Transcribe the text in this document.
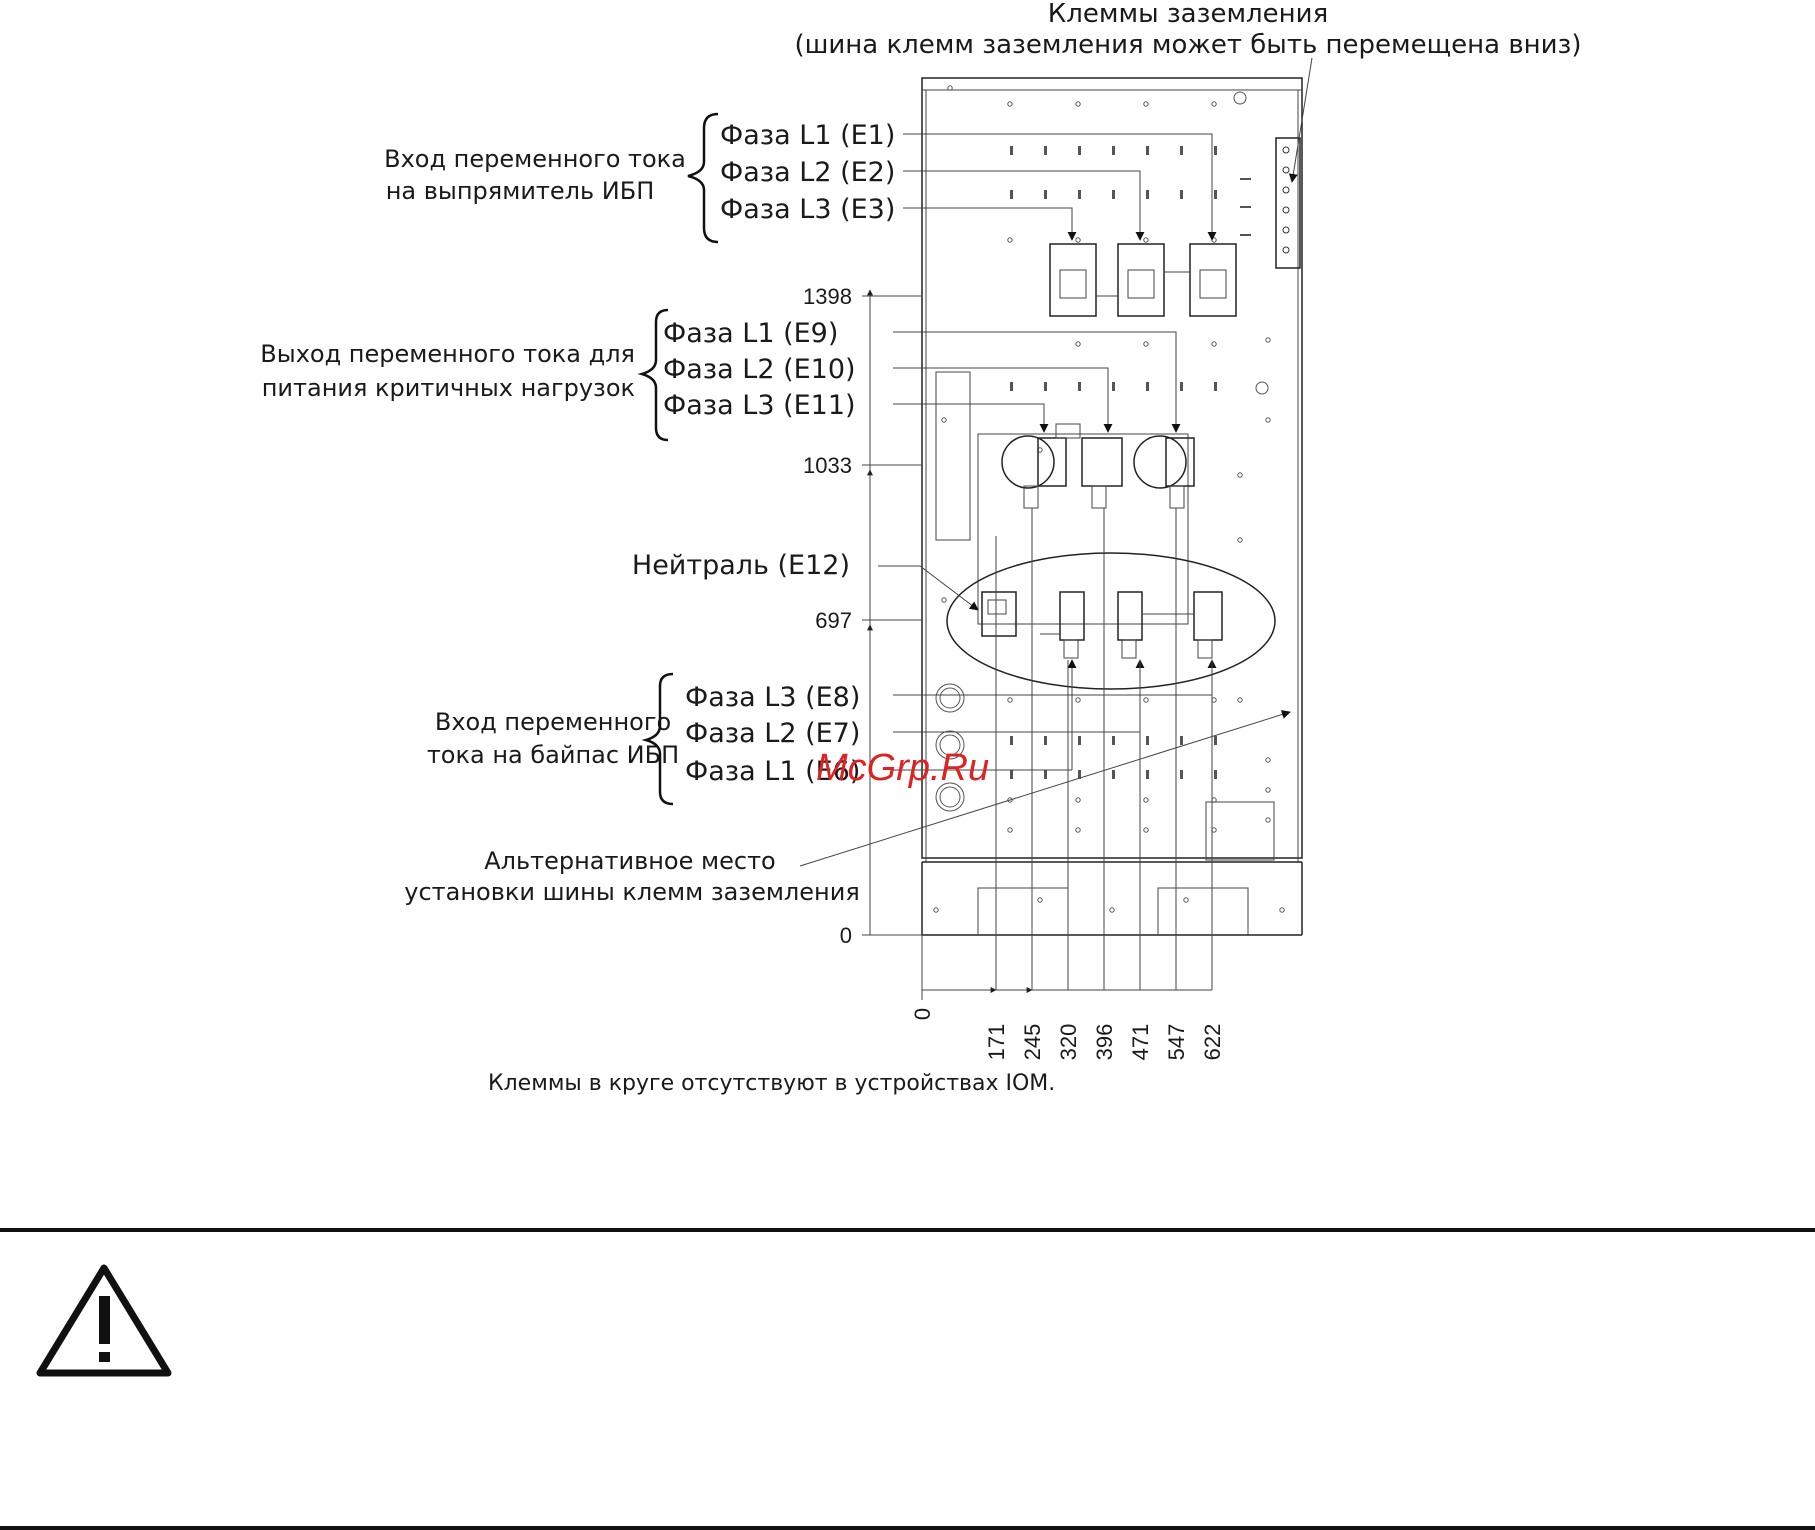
1398
1033
697
0
0
171 245 320 396 471 547 622
Клеммы заземления
(шина клемм заземления может быть перемещена вниз)
Вход переменного тока
на выпрямитель ИБП
Фаза L1 (E1)
Фаза L2 (E2)
Фаза L3 (E3)
Выход переменного тока для
питания критичных нагрузок
Фаза L1 (E9)
Фаза L2 (E10)
Фаза L3 (E11)
Нейтраль (E12)
Вход переменного
тока на байпас ИБП
Фаза L3 (E8)
Фаза L2 (E7)
Фаза L1 (E6)
McGrp.Ru
Альтернативное место
установки шины клемм заземления
Клеммы в круге отсутствуют в устройствах IOM.
